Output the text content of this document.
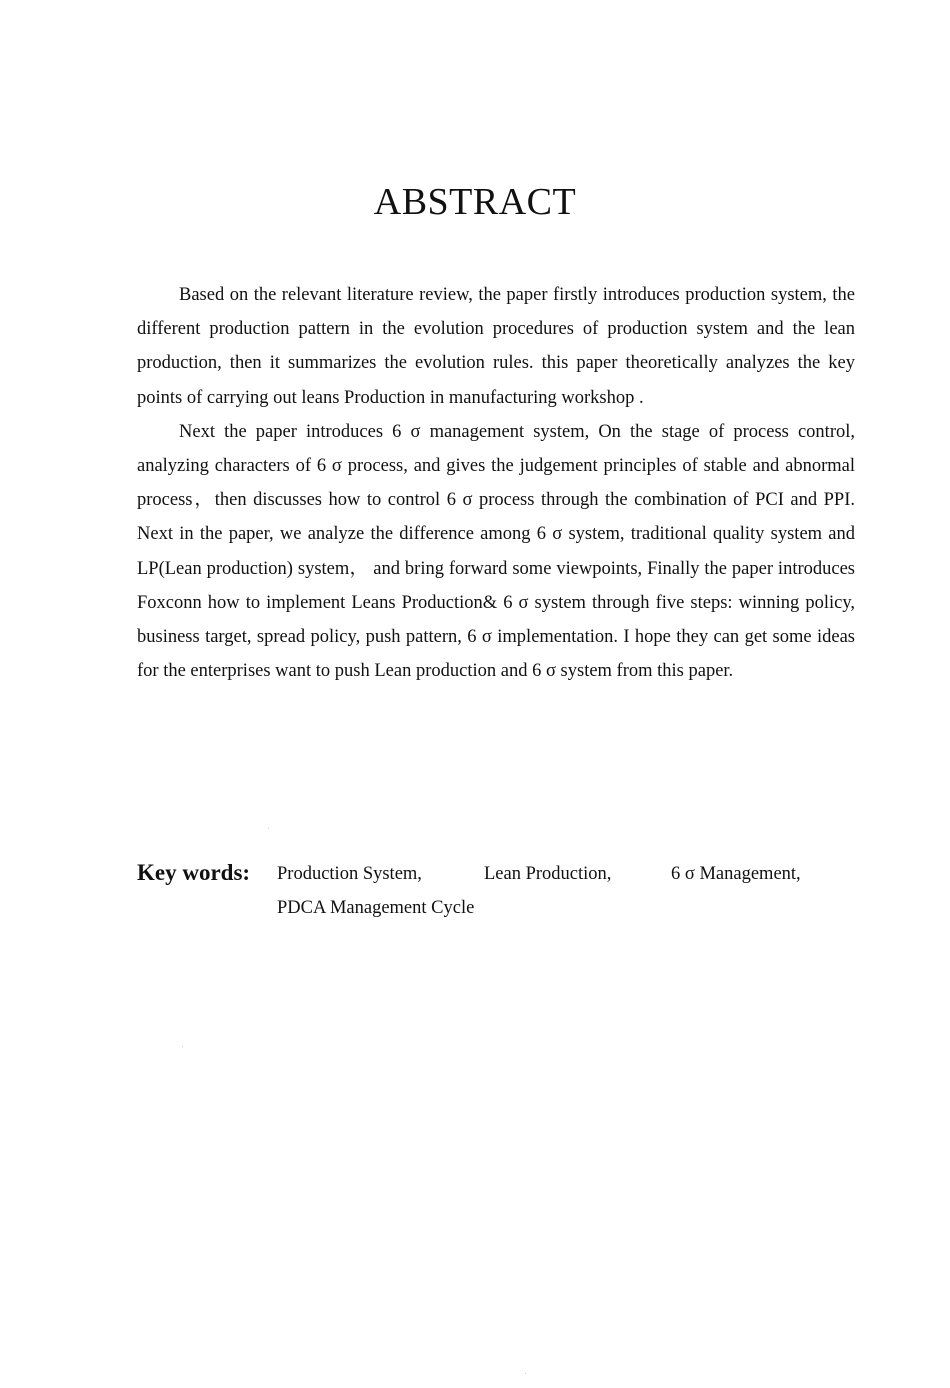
ABSTRACT

Based on the relevant literature review, the paper firstly introduces production system, the different production pattern in the evolution procedures of production system and the lean production, then it summarizes the evolution rules. this paper theoretically analyzes the key points of carrying out leans Production in manufacturing workshop .

Next the paper introduces 6 σ management system, On the stage of process control, analyzing characters of 6 σ process, and gives the judgement principles of stable and abnormal process，then discusses how to control 6 σ process through the combination of PCI and PPI. Next in the paper, we analyze the difference among 6 σ system, traditional quality system and LP(Lean production) system， and bring forward some viewpoints, Finally the paper introduces Foxconn how to implement Leans Production& 6 σ system through five steps: winning policy, business target, spread policy, push pattern, 6 σ implementation. I hope they can get some ideas for the enterprises want to push Lean production and 6 σ system from this paper.

Key words: Production System,	Lean Production,	6 σ Management,
PDCA Management Cycle
